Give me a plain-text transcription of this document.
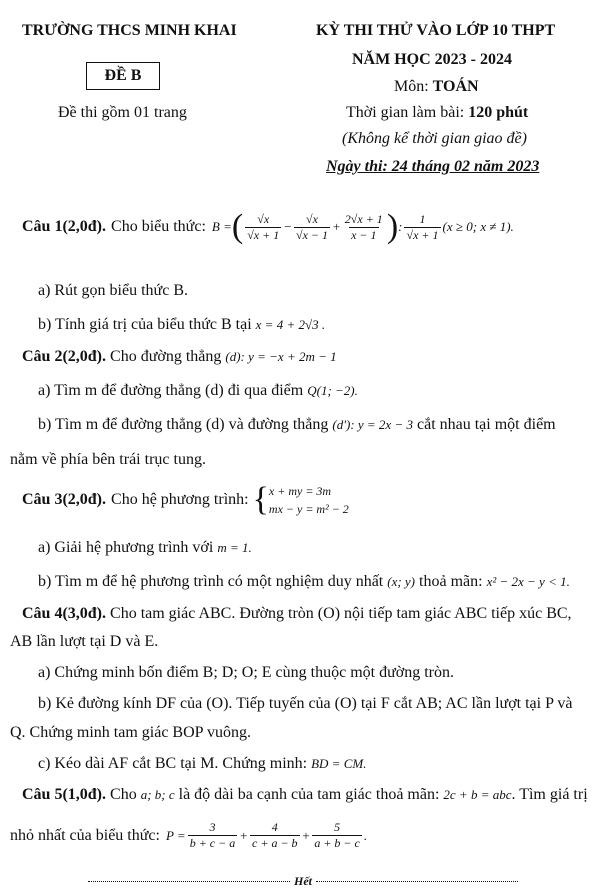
TRƯỜNG THCS MINH KHAI
ĐỀ B
Đề thi gồm 01 trang
KỲ THI THỬ VÀO LỚP 10 THPT
NĂM HỌC 2023 - 2024
Môn: TOÁN
Thời gian làm bài: 120 phút
(Không kể thời gian giao đề)
Ngày thi: 24 tháng 02 năm 2023
Câu 1(2,0đ). Cho biểu thức: B = ( $\frac{√x}{√x + 1} - \frac{√x}{√x - 1} + \frac{2√x + 1}{x - 1}$ ) : $\frac{1}{√x + 1} (x \ge 0$; x ≠ 1).
a) Rút gọn biểu thức B.
b) Tính giá trị của biểu thức B tại x = 4 + 2√3 .
Câu 2(2,0đ). Cho đường thẳng (d): y = −x + 2m − 1
a) Tìm m để đường thẳng (d) đi qua điểm Q(1; −2).
b) Tìm m để đường thẳng (d) và đường thẳng (d'): y = 2x − 3 cắt nhau tại một điểm
nằm về phía bên trái trục tung.
Câu 3(2,0đ). Cho hệ phương trình: { x + my = 3m
mx − y = m² − 2
a) Giải hệ phương trình với m = 1.
b) Tìm m để hệ phương trình có một nghiệm duy nhất (x; y) thoả mãn: x² − 2x − y < 1.
Câu 4(3,0đ). Cho tam giác ABC. Đường tròn (O) nội tiếp tam giác ABC tiếp xúc BC,
AB lần lượt tại D và E.
a) Chứng minh bốn điểm B; D; O; E cùng thuộc một đường tròn.
b) Kẻ đường kính DF của (O). Tiếp tuyến của (O) tại F cắt AB; AC lần lượt tại P và
Q. Chứng minh tam giác BOP vuông.
c) Kéo dài AF cắt BC tại M. Chứng minh: BD = CM.
Câu 5(1,0đ). Cho a; b; c là độ dài ba cạnh của tam giác thoả mãn: 2c + b = abc. Tìm giá trị
nhỏ nhất của biểu thức: $P = \frac{3}{b + c - a} + \frac{4}{c + a - b} + \frac{5}{a + b - c}$ .
Hết
